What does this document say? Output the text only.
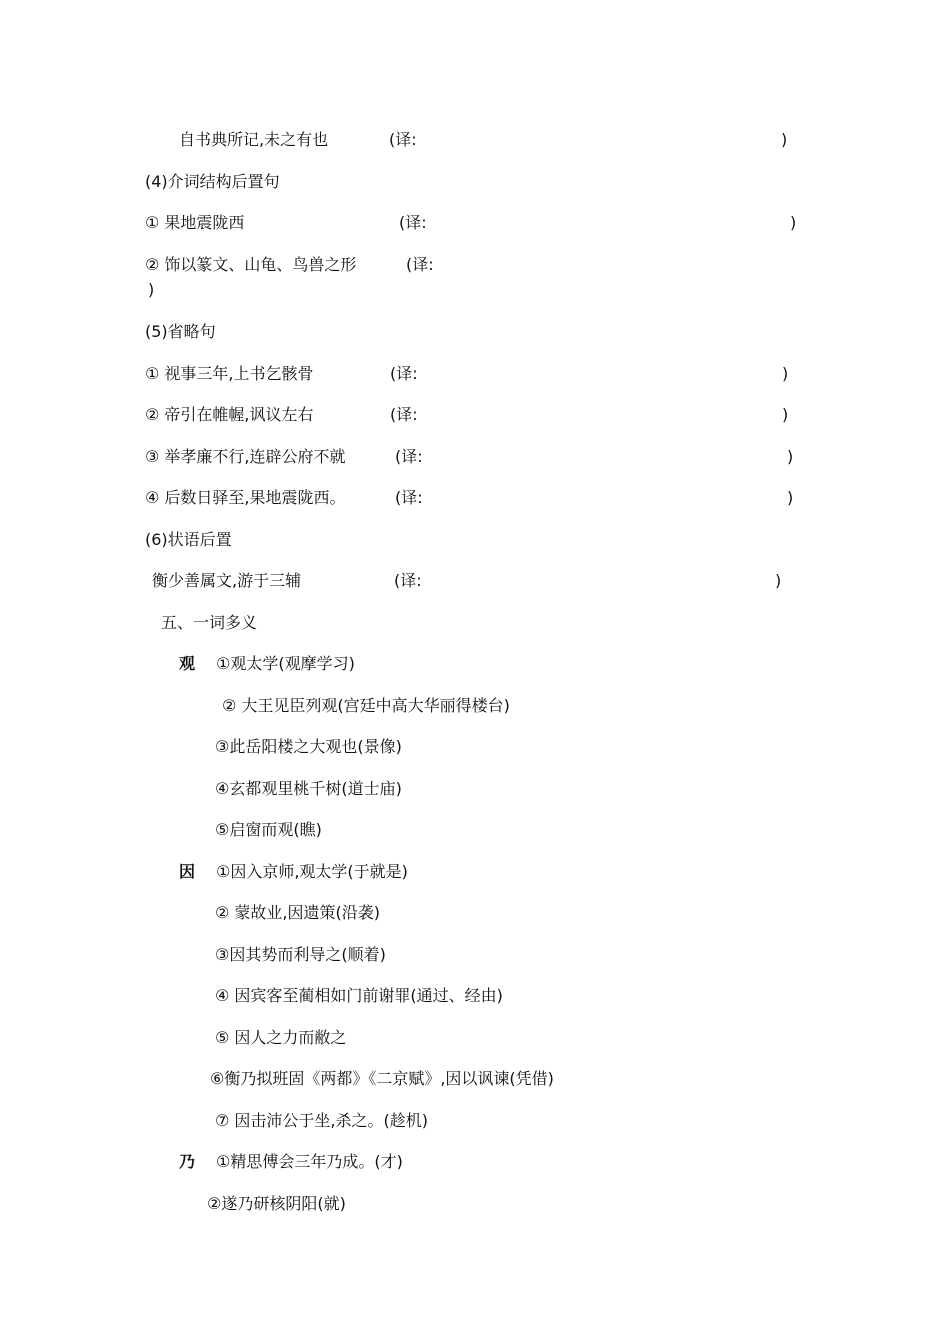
自书典所记,未之有也	(译:	)
(4)介词结构后置句
① 果地震陇西	(译:	)
② 饰以篆文、山龟、鸟兽之形	(译:
)
(5)省略句
① 视事三年,上书乞骸骨	(译:	)
② 帝引在帷幄,讽议左右	(译:	)
③ 举孝廉不行,连辟公府不就	(译:	)
④ 后数日驿至,果地震陇西。	(译:	)
(6)状语后置
衡少善属文,游于三辅	(译:	)
五、一词多义
观 ①观太学(观摩学习)
② 大王见臣列观(宫廷中高大华丽得楼台)
③此岳阳楼之大观也(景像)
④玄都观里桃千树(道士庙)
⑤启窗而观(瞧)
因 ①因入京师,观太学(于就是)
② 蒙故业,因遗策(沿袭)
③因其势而利导之(顺着)
④ 因宾客至蔺相如门前谢罪(通过、经由)
⑤ 因人之力而敝之
⑥衡乃拟班固《两都》《二京赋》,因以讽谏(凭借)
⑦ 因击沛公于坐,杀之。(趁机)
乃 ①精思傅会三年乃成。(才)
②遂乃研核阴阳(就)
